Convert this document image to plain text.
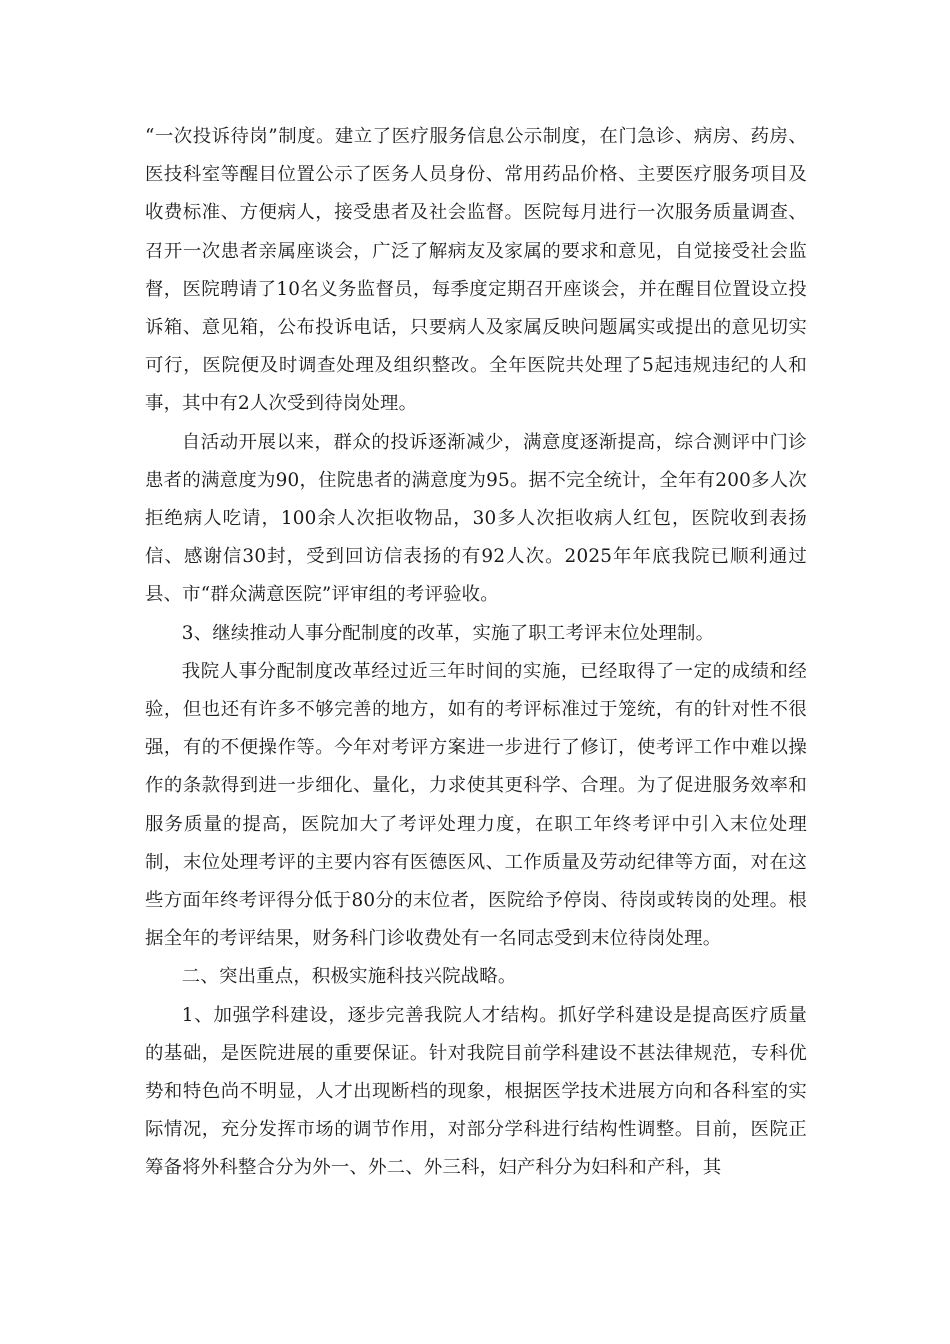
“一次投诉待岗”制度。建立了医疗服务信息公示制度，在门急诊、病房、药房、医技科室等醒目位置公示了医务人员身份、常用药品价格、主要医疗服务项目及收费标准、方便病人，接受患者及社会监督。医院每月进行一次服务质量调查、召开一次患者亲属座谈会，广泛了解病友及家属的要求和意见，自觉接受社会监督，医院聘请了10名义务监督员，每季度定期召开座谈会，并在醒目位置设立投诉箱、意见箱，公布投诉电话，只要病人及家属反映问题属实或提出的意见切实可行，医院便及时调查处理及组织整改。全年医院共处理了5起违规违纪的人和事，其中有2人次受到待岗处理。

自活动开展以来，群众的投诉逐渐减少，满意度逐渐提高，综合测评中门诊患者的满意度为90，住院患者的满意度为95。据不完全统计，全年有200多人次拒绝病人吃请，100余人次拒收物品，30多人次拒收病人红包，医院收到表扬信、感谢信30封，受到回访信表扬的有92人次。2025年年底我院已顺利通过县、市“群众满意医院”评审组的考评验收。

3、继续推动人事分配制度的改革，实施了职工考评末位处理制。

我院人事分配制度改革经过近三年时间的实施，已经取得了一定的成绩和经验，但也还有许多不够完善的地方，如有的考评标准过于笼统，有的针对性不很强，有的不便操作等。今年对考评方案进一步进行了修订，使考评工作中难以操作的条款得到进一步细化、量化，力求使其更科学、合理。为了促进服务效率和服务质量的提高，医院加大了考评处理力度，在职工年终考评中引入末位处理制，末位处理考评的主要内容有医德医风、工作质量及劳动纪律等方面，对在这些方面年终考评得分低于80分的末位者，医院给予停岗、待岗或转岗的处理。根据全年的考评结果，财务科门诊收费处有一名同志受到末位待岗处理。

二、突出重点，积极实施科技兴院战略。

1、加强学科建设，逐步完善我院人才结构。抓好学科建设是提高医疗质量的基础，是医院进展的重要保证。针对我院目前学科建设不甚法律规范，专科优势和特色尚不明显，人才出现断档的现象，根据医学技术进展方向和各科室的实际情况，充分发挥市场的调节作用，对部分学科进行结构性调整。目前，医院正筹备将外科整合分为外一、外二、外三科，妇产科分为妇科和产科，其
